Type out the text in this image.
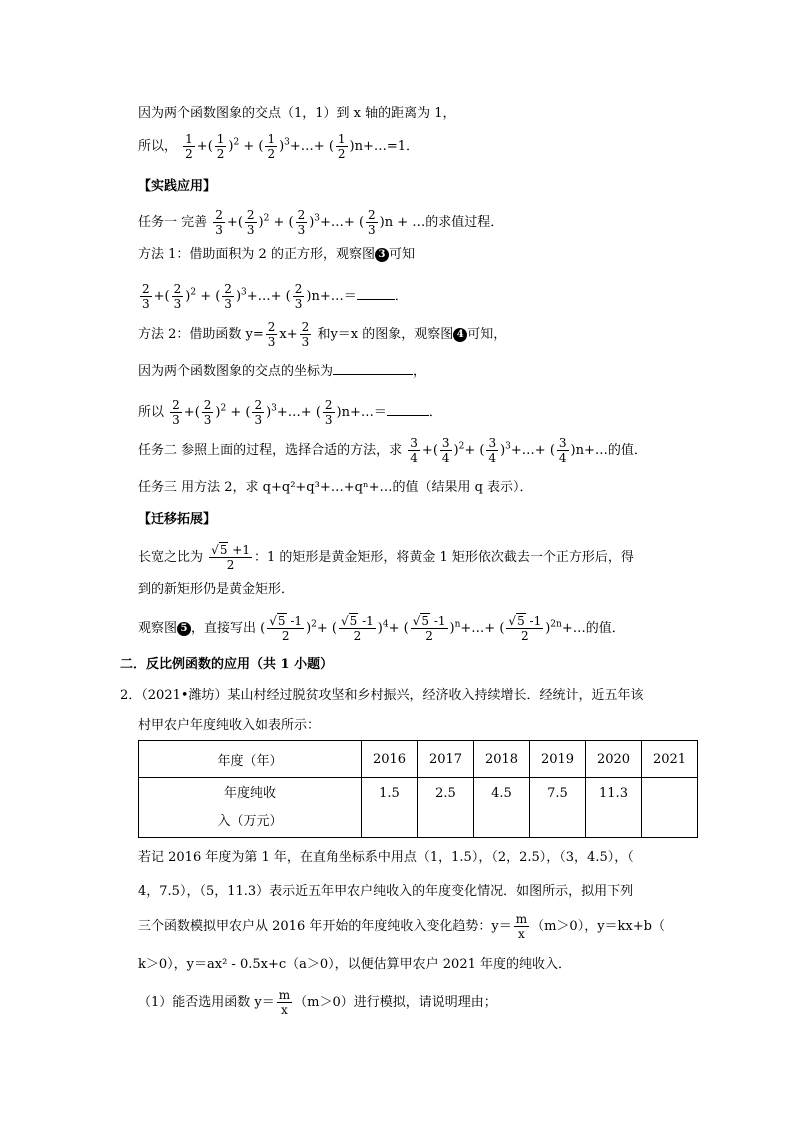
因为两个函数图象的交点（1，1）到 x 轴的距离为 1，
所以， $\frac{1}{2}$ +( $\frac{1}{2} )^2$ + ( $\frac{1}{2}$ )$^3$+…+ ( $\frac{1}{2}$ )n+…=1．
【实践应用】
任务一 完善 $\frac{2}{3}$ +( $\frac{2}{3} )^2$ + ( $\frac{2}{3}$ )$^3$+…+ ( $\frac{2}{3} )n$ + …的求值过程．
方法 1：借助面积为 2 的正方形，观察图 3 可知
$\frac{2}{3}$ +( $\frac{2}{3} )^2$ + ( $\frac{2}{3}$ )$^3$+…+ ( $\frac{2}{3}$ )n+…＝	．
方法 2：借助函数 $y= \frac{2}{3} x+ \frac{2}{3}$ 和y＝x 的图象，观察图 4 可知，
因为两个函数图象的交点的坐标为	，
所以 $\frac{2}{3}$ +( $\frac{2}{3} )^2$ + ( $\frac{2}{3}$ )$^3$+…+ ( $\frac{2}{3}$ )n+…＝	．
任务二 参照上面的过程，选择合适的方法，求 $\frac{3}{4}$ +( $\frac{3}{4} )^2+$ ( $\frac{3}{4}$ )$^3$+…+ ( $\frac{3}{4}$ )n+…的值．
任务三 用方法 2，求 q+q²+q³+…+qⁿ+…的值（结果用 q 表示）．
【迁移拓展】
长宽之比为 $\frac{√5 +1}{2}$ ：1 的矩形是黄金矩形，将黄金 1 矩形依次截去一个正方形后，得
到的新矩形仍是黄金矩形．
观察图 5 ，直接写出 ( $\frac{√5 -1}{2} )^2+$ ( $\frac{√5 -1}{2} )^4+$ ( $\frac{√5 -1}{2}$ )$^n$+…+ ( $\frac{√5 -1}{2}$ )$^{2n}$+…的值．
二．反比例函数的应用（共 1 小题）
2．（2021•潍坊）某山村经过脱贫攻坚和乡村振兴，经济收入持续增长．经统计，近五年该
村甲农户年度纯收入如表所示：
年度（年）	2016	2017	2018	2019	2020	2021

年度纯收
入（万元）	1.5	2.5	4.5	7.5	11.3	
若记 2016 年度为第 1 年，在直角坐标系中用点（1，1.5），（2，2.5），（3，4.5），（
4，7.5），（5，11.3）表示近五年甲农户纯收入的年度变化情况．如图所示，拟用下列
三个函数模拟甲农户从 2016 年开始的年度纯收入变化趋势：$y= \frac{m}{x} (m>0)$，y＝kx+b（
k＞0），y＝ax² - 0.5x+c（a＞0），以便估算甲农户 2021 年度的纯收入．
（1）能否选用函数 $y= \frac{m}{x} (m>0)$进行模拟，请说明理由；
